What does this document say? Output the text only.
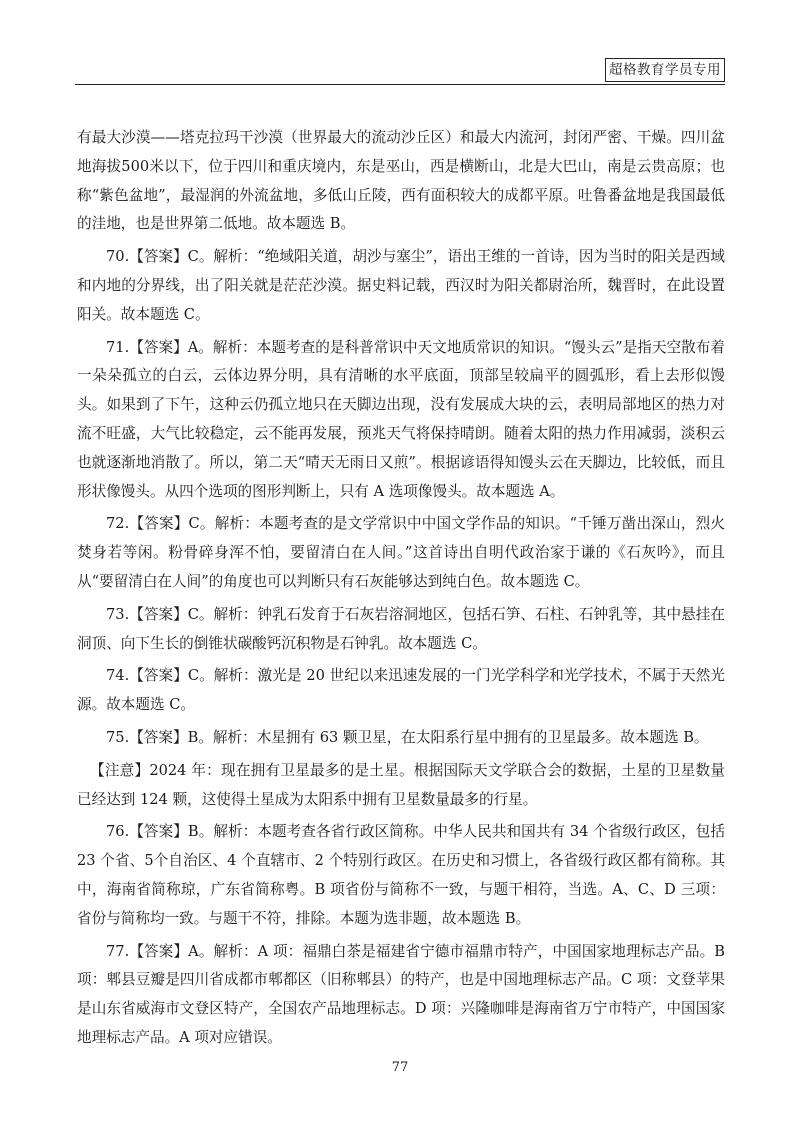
超格教育学员专用

有最大沙漠——塔克拉玛干沙漠（世界最大的流动沙丘区）和最大内流河，封闭严密、干燥。四川盆地海拔500米以下，位于四川和重庆境内，东是巫山，西是横断山，北是大巴山，南是云贵高原；也称“紫色盆地”，最湿润的外流盆地，多低山丘陵，西有面积较大的成都平原。吐鲁番盆地是我国最低的洼地，也是世界第二低地。故本题选 B。

70.【答案】C。解析：“绝域阳关道，胡沙与塞尘”，语出王维的一首诗，因为当时的阳关是西域和内地的分界线，出了阳关就是茫茫沙漠。据史料记载，西汉时为阳关都尉治所，魏晋时，在此设置阳关。故本题选 C。

71.【答案】A。解析：本题考查的是科普常识中天文地质常识的知识。“馒头云”是指天空散布着一朵朵孤立的白云，云体边界分明，具有清晰的水平底面，顶部呈较扁平的圆弧形，看上去形似馒头。如果到了下午，这种云仍孤立地只在天脚边出现，没有发展成大块的云，表明局部地区的热力对流不旺盛，大气比较稳定，云不能再发展，预兆天气将保持晴朗。随着太阳的热力作用减弱，淡积云也就逐渐地消散了。所以，第二天“晴天无雨日又煎”。根据谚语得知馒头云在天脚边，比较低，而且形状像馒头。从四个选项的图形判断上，只有 A 选项像馒头。故本题选 A。

72.【答案】C。解析：本题考查的是文学常识中中国文学作品的知识。“千锤万凿出深山，烈火焚身若等闲。粉骨碎身浑不怕，要留清白在人间。”这首诗出自明代政治家于谦的《石灰吟》，而且从“要留清白在人间”的角度也可以判断只有石灰能够达到纯白色。故本题选 C。

73.【答案】C。解析：钟乳石发育于石灰岩溶洞地区，包括石笋、石柱、石钟乳等，其中悬挂在洞顶、向下生长的倒锥状碳酸钙沉积物是石钟乳。故本题选 C。

74.【答案】C。解析：激光是 20 世纪以来迅速发展的一门光学科学和光学技术，不属于天然光源。故本题选 C。

75.【答案】B。解析：木星拥有 63 颗卫星，在太阳系行星中拥有的卫星最多。故本题选 B。

【注意】2024 年：现在拥有卫星最多的是土星。根据国际天文学联合会的数据，土星的卫星数量已经达到 124 颗，这使得土星成为太阳系中拥有卫星数量最多的行星。

76.【答案】B。解析：本题考查各省行政区简称。中华人民共和国共有 34 个省级行政区，包括 23 个省、5个自治区、4 个直辖市、2 个特别行政区。在历史和习惯上，各省级行政区都有简称。其中，海南省简称琼，广东省简称粤。B 项省份与简称不一致，与题干相符，当选。A、C、D 三项：省份与简称均一致。与题干不符，排除。本题为选非题，故本题选 B。

77.【答案】A。解析：A 项：福鼎白茶是福建省宁德市福鼎市特产，中国国家地理标志产品。B 项：郫县豆瓣是四川省成都市郫都区（旧称郫县）的特产，也是中国地理标志产品。C 项：文登苹果是山东省威海市文登区特产，全国农产品地理标志。D 项：兴隆咖啡是海南省万宁市特产，中国国家地理标志产品。A 项对应错误。

77
